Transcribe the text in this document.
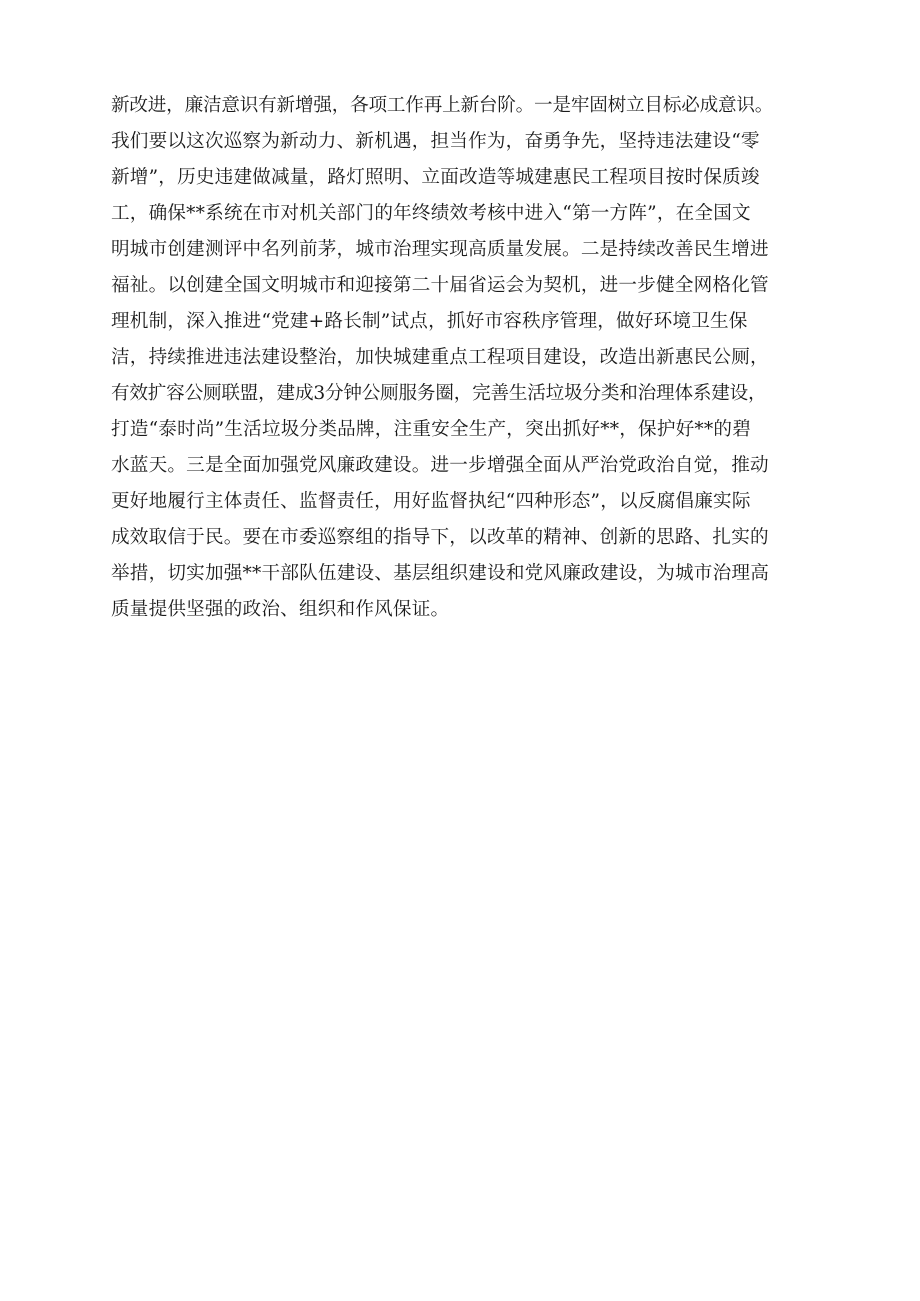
新改进，廉洁意识有新增强，各项工作再上新台阶。一是牢固树立目标必成意识。
我们要以这次巡察为新动力、新机遇，担当作为，奋勇争先，坚持违法建设“零
新增”，历史违建做减量，路灯照明、立面改造等城建惠民工程项目按时保质竣
工，确保**系统在市对机关部门的年终绩效考核中进入“第一方阵”，在全国文
明城市创建测评中名列前茅，城市治理实现高质量发展。二是持续改善民生增进
福祉。以创建全国文明城市和迎接第二十届省运会为契机，进一步健全网格化管
理机制，深入推进“党建+路长制”试点，抓好市容秩序管理，做好环境卫生保
洁，持续推进违法建设整治，加快城建重点工程项目建设，改造出新惠民公厕，
有效扩容公厕联盟，建成3分钟公厕服务圈，完善生活垃圾分类和治理体系建设，
打造“泰时尚”生活垃圾分类品牌，注重安全生产，突出抓好**，保护好**的碧
水蓝天。三是全面加强党风廉政建设。进一步增强全面从严治党政治自觉，推动
更好地履行主体责任、监督责任，用好监督执纪“四种形态”，以反腐倡廉实际
成效取信于民。要在市委巡察组的指导下，以改革的精神、创新的思路、扎实的
举措，切实加强**干部队伍建设、基层组织建设和党风廉政建设，为城市治理高
质量提供坚强的政治、组织和作风保证。
